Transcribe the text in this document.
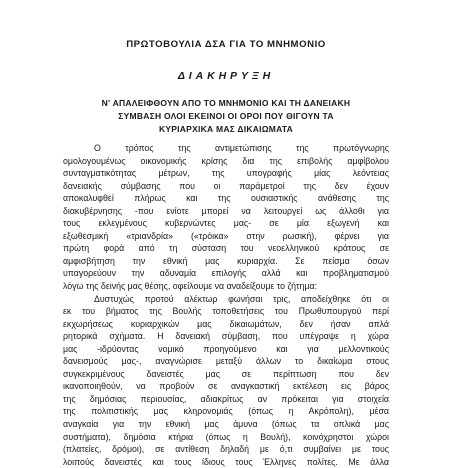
ΠΡΩΤΟΒΟΥΛΙΑ ΔΣΑ ΓΙΑ ΤΟ ΜΝΗΜΟΝΙΟ
ΔΙΑΚΗΡΥΞΗ
Ν' ΑΠΑΛΕΙΦΘΟΥΝ ΑΠΟ ΤΟ ΜΝΗΜΟΝΙΟ ΚΑΙ ΤΗ ΔΑΝΕΙΑΚΗ
ΣΥΜΒΑΣΗ ΟΛΟΙ ΕΚΕΙΝΟΙ ΟΙ ΟΡΟΙ ΠΟΥ ΘΙΓΟΥΝ ΤΑ
ΚΥΡΙΑΡΧΙΚΑ ΜΑΣ ΔΙΚΑΙΩΜΑΤΑ
Ο τρόπος της αντιμετώπισης της πρωτόγνωρης
ομολογουμένως οικονομικής κρίσης δια της επιβολής αμφίβολου
συνταγματικότητας μέτρων, της υπογραφής μίας λεόντειας
δανειακής σύμβασης που οι παράμετροί της δεν έχουν
αποκαλυφθεί πλήρως και της ουσιαστικής ανάθεσης της
διακυβέρνησης -που ενίοτε μπορεί να λειτουργεί ως άλλοθι για
τους εκλεγμένους κυβερνώντες μας- σε μία εξωγενή και
εξωθεσμική «τριανδρία» («τρόικα» στην ρωσική), φέρνει για
πρώτη φορά από τη σύσταση του νεοελληνικού κράτους σε
αμφισβήτηση την εθνική μας κυριαρχία. Σε πείσμα όσων
υπαγορεύουν την αδυναμία επιλογής αλλά και προβληματισμού
λόγω της δεινής μας θέσης, οφείλουμε να αναδείξουμε το ζήτημα:
Δυστυχώς προτού αλέκτωρ φωνήσαι τρις, αποδείχθηκε ότι οι
εκ του βήματος της Βουλής τοποθετήσεις του Πρωθυπουργού περί
εκχωρήσεως κυριαρχικών μας δικαιωμάτων, δεν ήσαν απλά
ρητορικά σχήματα. Η δανειακή σύμβαση, που υπέγραψε η χώρα
μας -ιδρύοντας νομικό προηγούμενο και για μελλοντικούς
δανεισμούς μας-, αναγνώρισε μεταξύ άλλων το δικαίωμα στους
συγκεκριμένους δανειστές μας σε περίπτωση που δεν
ικανοποιηθούν, να προβούν σε αναγκαστική εκτέλεση εις βάρος
της δημόσιας περιουσίας, αδιακρίτως αν πρόκειται για στοιχεία
της πολιτιστικής μας κληρονομιάς (όπως η Ακρόπολη), μέσα
αναγκαία για την εθνική μας άμυνα (όπως τα οπλικά μας
συστήματα), δημόσια κτήρια (όπως η Βουλή), κοινόχρηστοι χώροι
(πλατείες, δρόμοι), σε αντίθεση δηλαδή με ό,τι συμβαίνει με τους
λοιπούς δανειστές και τους ίδιους τους Έλληνες πολίτες. Με άλλα
